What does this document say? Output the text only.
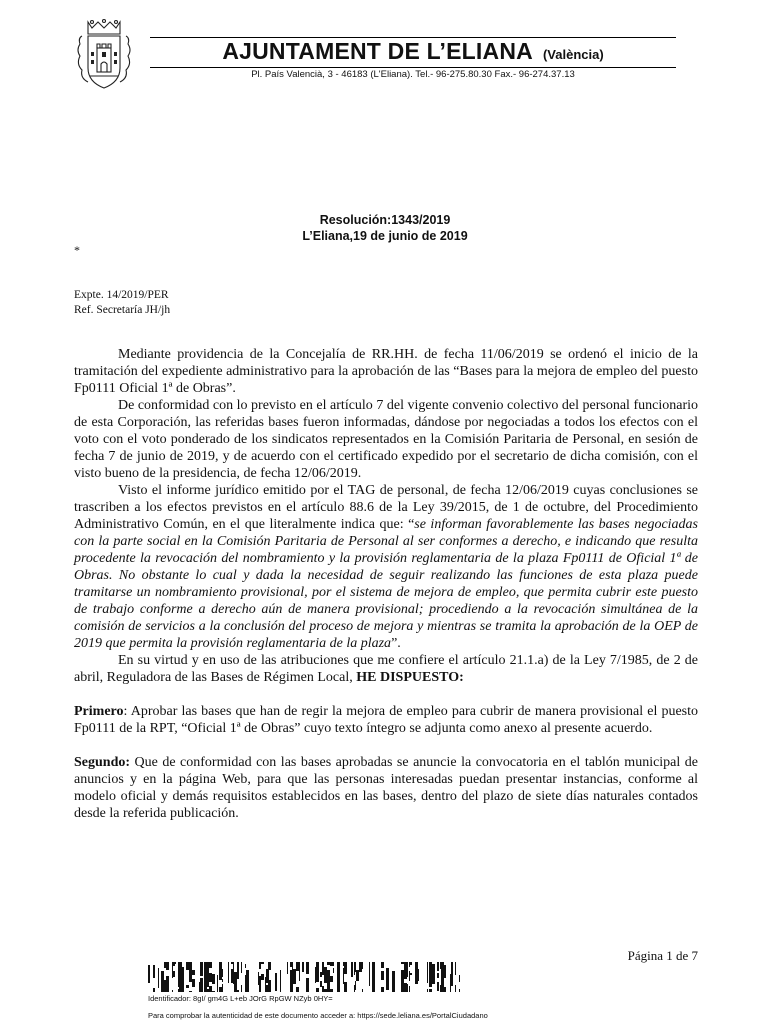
AJUNTAMENT DE L’ELIANA (València)
Pl. País Valencià, 3 - 46183 (L'Eliana). Tel.- 96-275.80.30 Fax.- 96-274.37.13
Resolución:1343/2019
L’Eliana,19 de junio de 2019
*
Expte. 14/2019/PER
Ref. Secretaría JH/jh

Mediante providencia de la Concejalía de RR.HH. de fecha 11/06/2019 se ordenó el inicio de la tramitación del expediente administrativo para la aprobación de las “Bases para la mejora de empleo del puesto Fp0111 Oficial 1ª de Obras”.

De conformidad con lo previsto en el artículo 7 del vigente convenio colectivo del personal funcionario de esta Corporación, las referidas bases fueron informadas, dándose por negociadas a todos los efectos con el voto con el voto ponderado de los sindicatos representados en la Comisión Paritaria de Personal, en sesión de fecha 7 de junio de 2019, y de acuerdo con el certificado expedido por el secretario de dicha comisión, con el visto bueno de la presidencia, de fecha 12/06/2019.

Visto el informe jurídico emitido por el TAG de personal, de fecha 12/06/2019 cuyas conclusiones se trascriben a los efectos previstos en el artículo 88.6 de la Ley 39/2015, de 1 de octubre, del Procedimiento Administrativo Común, en el que literalmente indica que: “se informan favorablemente las bases negociadas con la parte social en la Comisión Paritaria de Personal al ser conformes a derecho, e indicando que resulta procedente la revocación del nombramiento y la provisión reglamentaria de la plaza Fp0111 de Oficial 1ª de Obras. No obstante lo cual y dada la necesidad de seguir realizando las funciones de esta plaza puede tramitarse un nombramiento provisional, por el sistema de mejora de empleo, que permita cubrir este puesto de trabajo conforme a derecho aún de manera provisional; procediendo a la revocación simultánea de la comisión de servicios a la conclusión del proceso de mejora y mientras se tramita la aprobación de la OEP de 2019 que permita la provisión reglamentaria de la plaza”.

En su virtud y en uso de las atribuciones que me confiere el artículo 21.1.a) de la Ley 7/1985, de 2 de abril, Reguladora de las Bases de Régimen Local, HE DISPUESTO:

Primero: Aprobar las bases que han de regir la mejora de empleo para cubrir de manera provisional el puesto Fp0111 de la RPT, “Oficial 1ª de Obras” cuyo texto íntegro se adjunta como anexo al presente acuerdo.

Segundo: Que de conformidad con las bases aprobadas se anuncie la convocatoria en el tablón municipal de anuncios y en la página Web, para que las personas interesadas puedan presentar instancias, conforme al modelo oficial y demás requisitos establecidos en las bases, dentro del plazo de siete días naturales contados desde la referida publicación.

Página 1 de 7
Identificador: 8gI/ gm4G L+eb JOrG RpGW NZyb 0HY=
Para comprobar la autenticidad de este documento acceder a: https://sede.leliana.es/PortalCiudadano
